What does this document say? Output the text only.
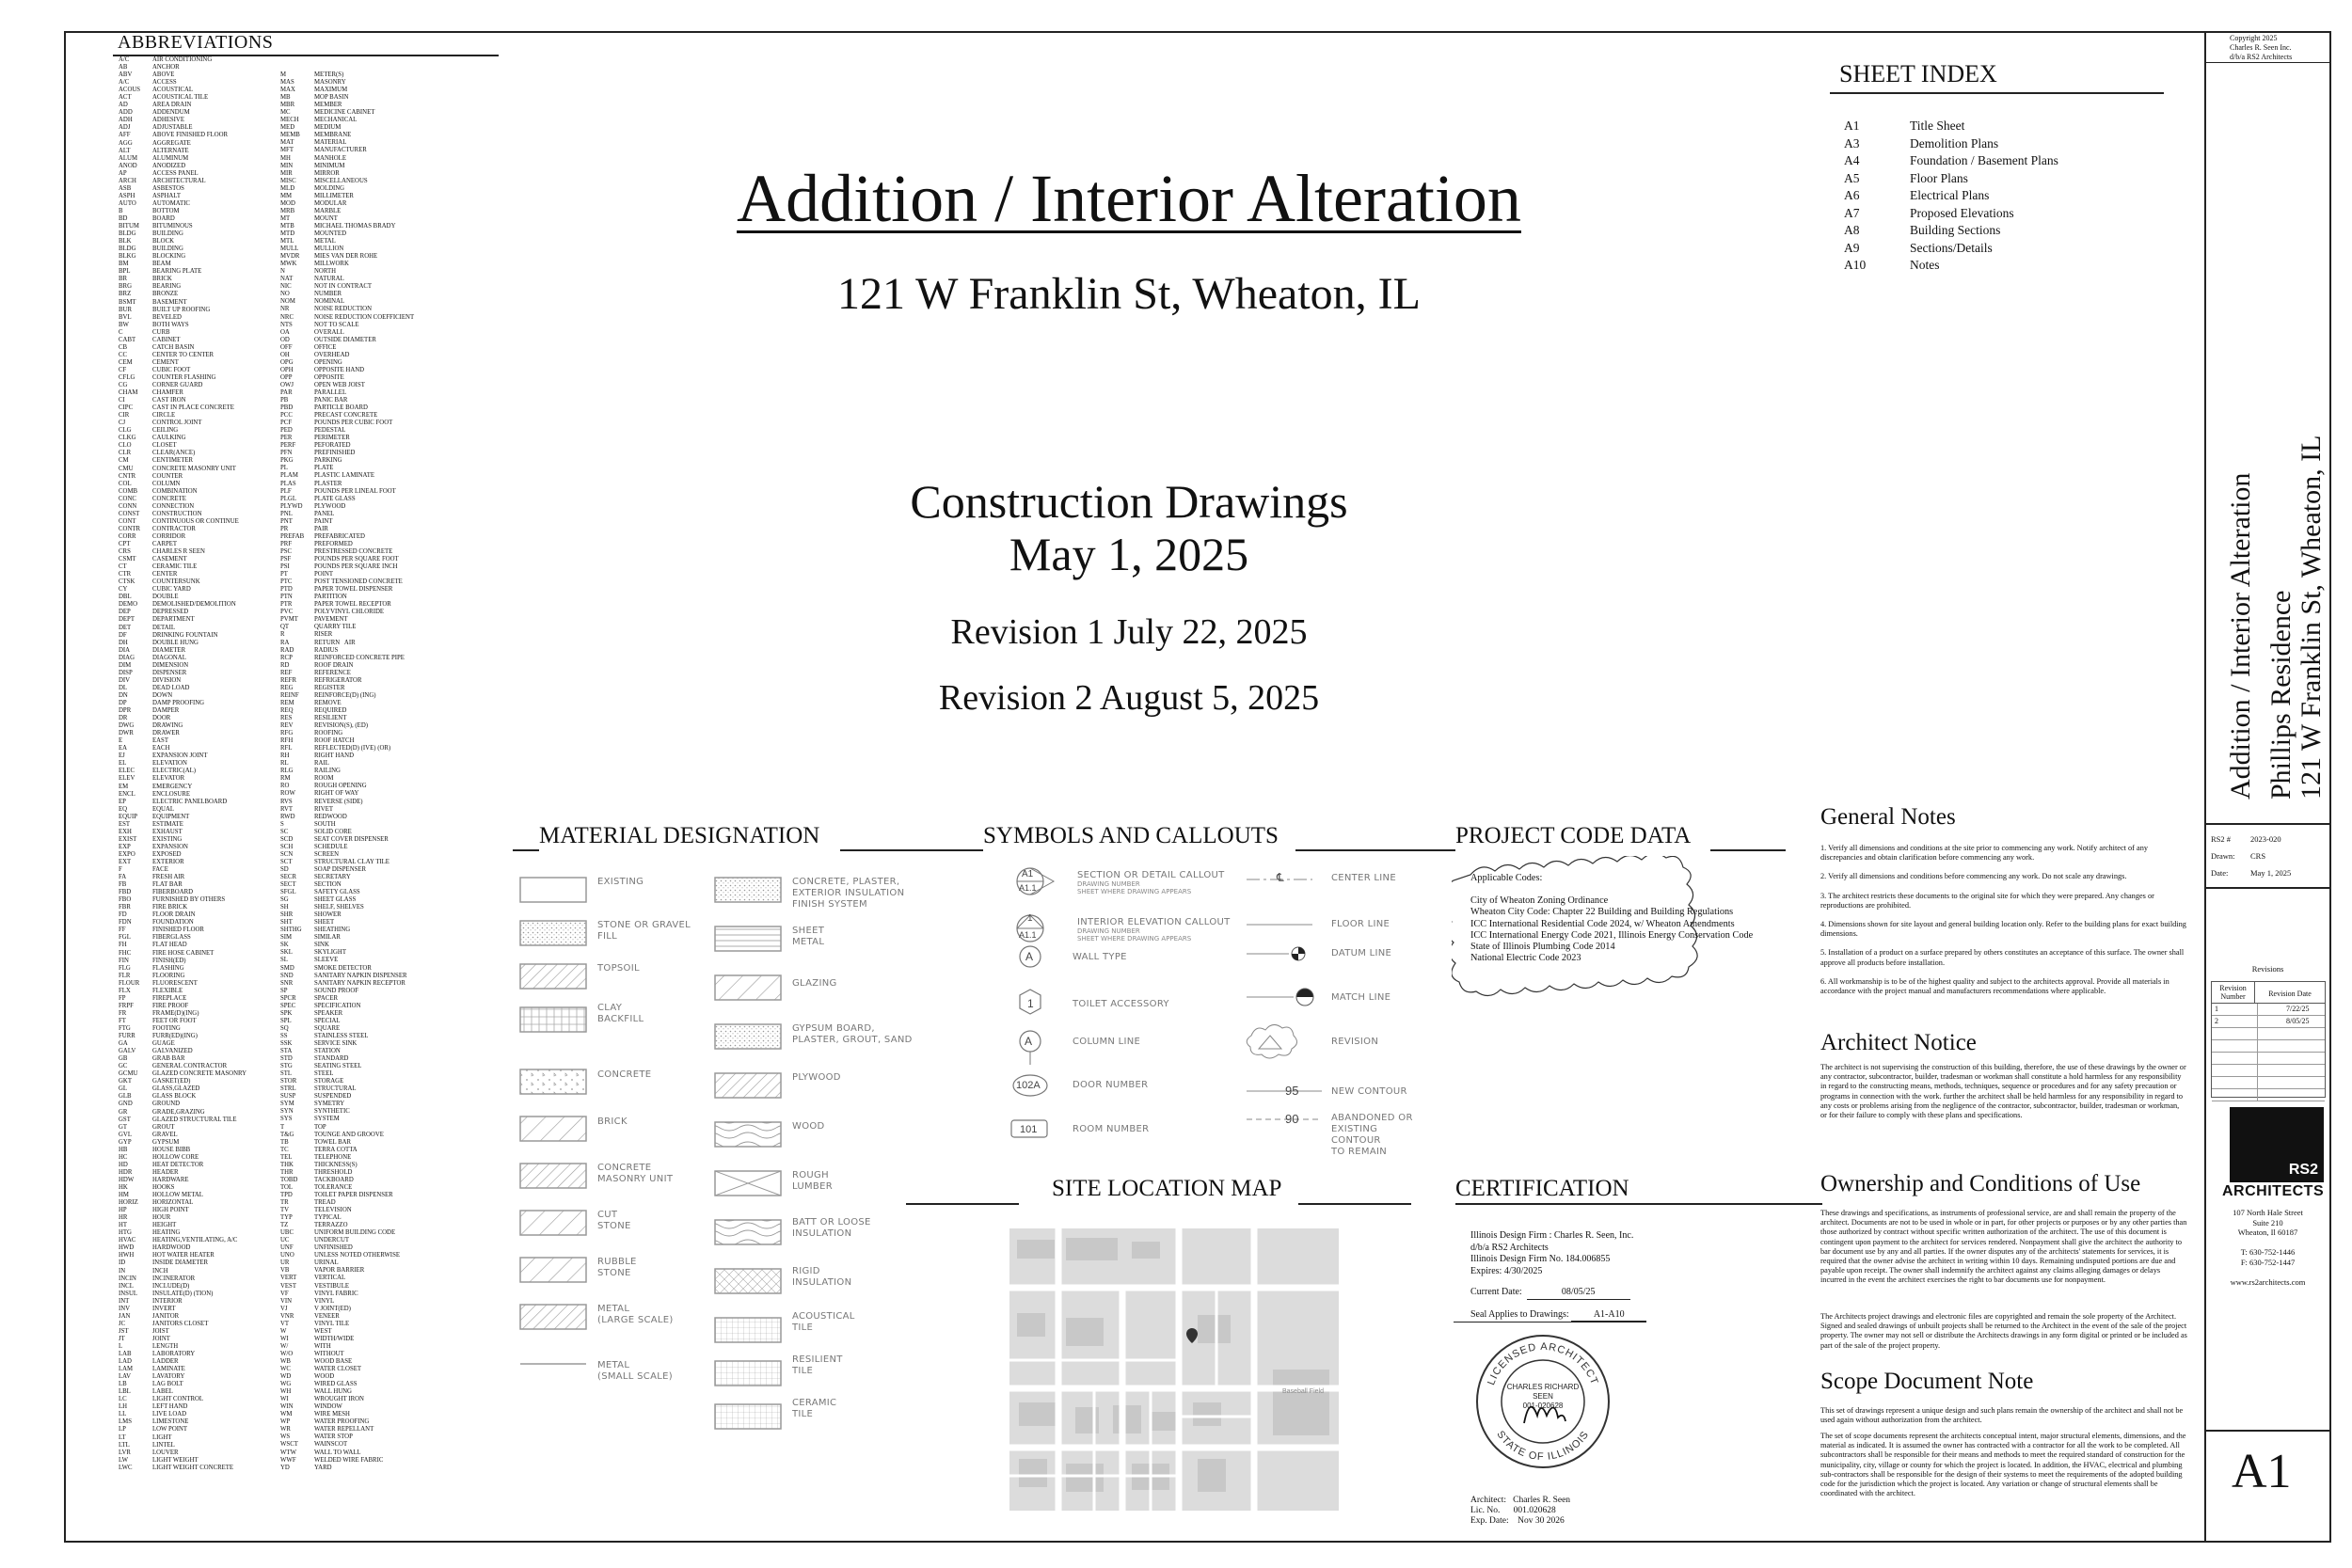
ABBREVIATIONS
A/C	AIR CONDITIONING
AB	ANCHOR
ABV	ABOVE
A/C	ACCESS
ACOUS	ACOUSTICAL
ACT	ACOUSTICAL TILE
AD	AREA DRAIN
ADD	ADDENDUM
ADH	ADHESIVE
ADJ	ADJUSTABLE
AFF	ABOVE FINISHED FLOOR
AGG	AGGREGATE
ALT	ALTERNATE
ALUM	ALUMINUM
ANOD	ANODIZED
AP	ACCESS PANEL
ARCH	ARCHITECTURAL
ASB	ASBESTOS
ASPH	ASPHALT
AUTO	AUTOMATIC
B	BOTTOM
BD	BOARD
BITUM	BITUMINOUS
BLDG	BUILDING
BLK	BLOCK
BLDG	BUILDING
BLKG	BLOCKING
BM	BEAM
BPL	BEARING PLATE
BR	BRICK
BRG	BEARING
BRZ	BRONZE
BSMT	BASEMENT
BUR	BUILT UP ROOFING
BVL	BEVELED
BW	BOTH WAYS
C	CURB
CABT	CABINET
CB	CATCH BASIN
CC	CENTER TO CENTER
CEM	CEMENT
CF	CUBIC FOOT
CFLG	COUNTER FLASHING
CG	CORNER GUARD
CHAM	CHAMFER
CI	CAST IRON
CIPC	CAST IN PLACE CONCRETE
CIR	CIRCLE
CJ	CONTROL JOINT
CLG	CEILING
CLKG	CAULKING
CLO	CLOSET
CLR	CLEAR(ANCE)
CM	CENTIMETER
CMU	CONCRETE MASONRY UNIT
CNTR	COUNTER
COL	COLUMN
COMB	COMBINATION
CONC	CONCRETE
CONN	CONNECTION
CONST	CONSTRUCTION
CONT	CONTINUOUS OR CONTINUE
CONTR	CONTRACTOR
CORR	CORRIDOR
CPT	CARPET
CRS	CHARLES R SEEN
CSMT	CASEMENT
CT	CERAMIC TILE
CTR	CENTER
CTSK	COUNTERSUNK
CY	CUBIC YARD
DBL	DOUBLE
DEMO	DEMOLISHED/DEMOLITION
DEP	DEPRESSED
DEPT	DEPARTMENT
DET	DETAIL
DF	DRINKING FOUNTAIN
DH	DOUBLE HUNG
DIA	DIAMETER
DIAG	DIAGONAL
DIM	DIMENSION
DISP	DISPENSER
DIV	DIVISION
DL	DEAD LOAD
DN	DOWN
DP	DAMP PROOFING
DPR	DAMPER
DR	DOOR
DWG	DRAWING
DWR	DRAWER
E	EAST
EA	EACH
EJ	EXPANSION JOINT
EL	ELEVATION
ELEC	ELECTRIC(AL)
ELEV	ELEVATOR
EM	EMERGENCY
ENCL	ENCLOSURE
EP	ELECTRIC PANELBOARD
EQ	EQUAL
EQUIP	EQUIPMENT
EST	ESTIMATE
EXH	EXHAUST
EXIST	EXISTING
EXP	EXPANSION
EXPO	EXPOSED
EXT	EXTERIOR
F	FACE
FA	FRESH AIR
FB	FLAT BAR
FBD	FIBERBOARD
FBO	FURNISHED BY OTHERS
FBR	FIRE BRICK
FD	FLOOR DRAIN
FDN	FOUNDATION
FF	FINISHED FLOOR
FGL	FIBERGLASS
FH	FLAT HEAD
FHC	FIRE HOSE CABINET
FIN	FINISH(ED)
FLG	FLASHING
FLR	FLOORING
FLOUR	FLUORESCENT
FLX	FLEXIBLE
FP	FIREPLACE
FRPF	FIRE PROOF
FR	FRAME(D)(ING)
FT	FEET OR FOOT
FTG	FOOTING
FURR	FURR(ED)(ING)
GA	GUAGE
GALV	GALVANIZED
GB	GRAB BAR
GC	GENERAL CONTRACTOR
GCMU	GLAZED CONCRETE MASONRY
GKT	GASKET(ED)
GL	GLASS,GLAZED
GLB	GLASS BLOCK
GND	GROUND
GR	GRADE,GRAZING
GST	GLAZED STRUCTURAL TILE
GT	GROUT
GVL	GRAVEL
GYP	GYPSUM
HB	HOUSE BIBB
HC	HOLLOW CORE
HD	HEAT DETECTOR
HDR	HEADER
HDW	HARDWARE
HK	HOOKS
HM	HOLLOW METAL
HORIZ	HORIZONTAL
HP	HIGH POINT
HR	HOUR
HT	HEIGHT
HTG	HEATING
HVAC	HEATING,VENTILATING, A/C
HWD	HARDWOOD
HWH	HOT WATER HEATER
ID	INSIDE DIAMETER
IN	INCH
INCIN	INCINERATOR
INCL	INCLUDE(D)
INSUL	INSULATE(D) (TION)
INT	INTERIOR
INV	INVERT
JAN	JANITOR
JC	JANITORS CLOSET
JST	JOIST
JT	JOINT
L	LENGTH
LAB	LABORATORY
LAD	LADDER
LAM	LAMINATE
LAV	LAVATORY
LB	LAG BOLT
LBL	LABEL
LC	LIGHT CONTROL
LH	LEFT HAND
LL	LIVE LOAD
LMS	LIMESTONE
LP	LOW POINT
LT	LIGHT
LTL	LINTEL
LVR	LOUVER
LW	LIGHT WEIGHT
LWC	LIGHT WEIGHT CONCRETE
M	METER(S)
MAS	MASONRY
MAX	MAXIMUM
MB	MOP BASIN
MBR	MEMBER
MC	MEDICINE CABINET
MECH	MECHANICAL
MED	MEDIUM
MEMB	MEMBRANE
MAT	MATERIAL
MFT	MANUFACTURER
MH	MANHOLE
MIN	MINIMUM
MIR	MIRROR
MISC	MISCELLANEOUS
MLD	MOLDING
MM	MILLIMETER
MOD	MODULAR
MRB	MARBLE
MT	MOUNT
MTB	MICHAEL THOMAS BRADY
MTD	MOUNTED
MTL	METAL
MULL	MULLION
MVDR	MIES VAN DER ROHE
MWK	MILLWORK
N	NORTH
NAT	NATURAL
NIC	NOT IN CONTRACT
NO	NUMBER
NOM	NOMINAL
NR	NOISE REDUCTION
NRC	NOISE REDUCTION COEFFICIENT
NTS	NOT TO SCALE
OA	OVERALL
OD	OUTSIDE DIAMETER
OFF	OFFICE
OH	OVERHEAD
OPG	OPENING
OPH	OPPOSITE HAND
OPP	OPPOSITE
OWJ	OPEN WEB JOIST
PAR	PARALLEL
PB	PANIC BAR
PBD	PARTICLE BOARD
PCC	PRECAST CONCRETE
PCF	POUNDS PER CUBIC FOOT
PED	PEDESTAL
PER	PERIMETER
PERF	PEFORATED
PFN	PREFINISHED
PKG	PARKING
PL	PLATE
PLAM	PLASTIC LAMINATE
PLAS	PLASTER
PLF	POUNDS PER LINEAL FOOT
PLGL	PLATE GLASS
PLYWD	PLYWOOD
PNL	PANEL
PNT	PAINT
PR	PAIR
PREFAB	PREFABRICATED
PRF	PREFORMED
PSC	PRESTRESSED CONCRETE
PSF	POUNDS PER SQUARE FOOT
PSI	POUNDS PER SQUARE INCH
PT	POINT
PTC	POST TENSIONED CONCRETE
PTD	PAPER TOWEL DISPENSER
PTN	PARTITION
PTR	PAPER TOWEL RECEPTOR
PVC	POLYVINYL CHLORIDE
PVMT	PAVEMENT
QT	QUARRY TILE
R	RISER
RA	RETURN   AIR
RAD	RADIUS
RCP	REINFORCED CONCRETE PIPE
RD	ROOF DRAIN
REF	REFERENCE
REFR	REFRIGERATOR
REG	REGISTER
REINF	REINFORCE(D) (ING)
REM	REMOVE
REQ	REQUIRED
RES	RESILIENT
REV	REVISION(S), (ED)
RFG	ROOFING
RFH	ROOF HATCH
RFL	REFLECTED(D) (IVE) (OR)
RH	RIGHT HAND
RL	RAIL
RLG	RAILING
RM	ROOM
RO	ROUGH OPENING
ROW	RIGHT OF WAY
RVS	REVERSE (SIDE)
RVT	RIVET
RWD	REDWOOD
S	SOUTH
SC	SOLID CORE
SCD	SEAT COVER DISPENSER
SCH	SCHEDULE
SCN	SCREEN
SCT	STRUCTURAL CLAY TILE
SD	SOAP DISPENSER
SECR	SECRETARY
SECT	SECTION
SFGL	SAFETY GLASS
SG	SHEET GLASS
SH	SHELF, SHELVES
SHR	SHOWER
SHT	SHEET
SHTHG	SHEATHING
SIM	SIMILAR
SK	SINK
SKL	SKYLIGHT
SL	SLEEVE
SMD	SMOKE DETECTOR
SND	SANITARY NAPKIN DISPENSER
SNR	SANITARY NAPKIN RECEPTOR
SP	SOUND PROOF
SPCR	SPACER
SPEC	SPECIFICATION
SPK	SPEAKER
SPL	SPECIAL
SQ	SQUARE
SS	STAINLESS STEEL
SSK	SERVICE SINK
STA	STATION
STD	STANDARD
STG	SEATING STEEL
STL	STEEL
STOR	STORAGE
STRL	STRUCTURAL
SUSP	SUSPENDED
SYM	SYMETRY
SYN	SYNTHETIC
SYS	SYSTEM
T	TOP
T&G	TOUNGE AND GROOVE
TB	TOWEL BAR
TC	TERRA COTTA
TEL	TELEPHONE
THK	THICKNESS(S)
THR	THRESHOLD
TOBD	TACKBOARD
TOL	TOLERANCE
TPD	TOILET PAPER DISPENSER
TR	TREAD
TV	TELEVISION
TYP	TYPICAL
TZ	TERRAZZO
UBC	UNIFORM BUILDING CODE
UC	UNDERCUT
UNF	UNFINISHED
UNO	UNLESS NOTED OTHERWISE
UR	URINAL
VB	VAPOR BARRIER
VERT	VERTICAL
VEST	VESTIBULE
VF	VINYL FABRIC
VIN	VINYL
VJ	V JOINT(ED)
VNR	VENEER
VT	VINYL TILE
W	WEST
WI	WIDTH/WIDE
W/	WITH
W/O	WITHOUT
WB	WOOD BASE
WC	WATER CLOSET
WD	WOOD
WG	WIRED GLASS
WH	WALL HUNG
WI	WROUGHT IRON
WIN	WINDOW
WM	WIRE MESH
WP	WATER PROOFING
WR	WATER REPELLANT
WS	WATER STOP
WSCT	WAINSCOT
WTW	WALL TO WALL
WWF	WELDED WIRE FABRIC
YD	YARD
Addition / Interior Alteration
121 W Franklin St, Wheaton, IL
Construction Drawings
May 1, 2025
Revision 1 July 22, 2025
Revision 2 August 5, 2025
SHEET INDEX
A1	Title Sheet
A3	Demolition Plans
A4	Foundation / Basement Plans
A5	Floor Plans
A6	Electrical Plans
A7	Proposed Elevations
A8	Building Sections
A9	Sections/Details
A10	Notes
MATERIAL DESIGNATION
EXISTING
STONE OR GRAVEL
FILL
TOPSOIL
CLAY
BACKFILL
CONCRETE
BRICK
CONCRETE
MASONRY UNIT
CUT
STONE
RUBBLE
STONE
METAL
(LARGE SCALE)
METAL
(SMALL SCALE)
CONCRETE, PLASTER,
EXTERIOR INSULATION
FINISH SYSTEM
SHEET
METAL
GLAZING
GYPSUM BOARD,
PLASTER, GROUT, SAND
PLYWOOD
WOOD
ROUGH
LUMBER
BATT OR LOOSE
INSULATION
RIGID
INSULATION
ACOUSTICAL
TILE
RESILIENT
TILE
CERAMIC
TILE
SYMBOLS AND CALLOUTS
SECTION OR DETAIL CALLOUT
DRAWING NUMBER
SHEET WHERE DRAWING APPEARS
INTERIOR ELEVATION CALLOUT
DRAWING NUMBER
SHEET WHERE DRAWING APPEARS
WALL TYPE
TOILET ACCESSORY
COLUMN LINE
DOOR NUMBER
ROOM NUMBER
CENTER LINE
FLOOR LINE
DATUM LINE
MATCH LINE
REVISION
NEW CONTOUR
ABANDONED OR
EXISTING
CONTOUR
TO REMAIN
A1
A1.1
1
A1.1
A
1
A
102A
101
℄
95
90
PROJECT CODE DATA
Applicable Codes:
City of Wheaton Zoning Ordinance
Wheaton City Code: Chapter 22 Building and Building Regulations
ICC International Residential Code 2024, w/ Wheaton Amendments
ICC International Energy Code 2021, Illinois Energy Conservation Code
State of Illinois Plumbing Code 2014
National Electric Code 2023
SITE LOCATION MAP
Baseball Field
CERTIFICATION
Illinois Design Firm : Charles R. Seen, Inc.
d/b/a RS2 Architects
Illinois Design Firm No. 184.006855
Expires: 4/30/2025
Current Date:	08/05/25
Seal Applies to Drawings:	A1-A10
LICENSED ARCHITECT
STATE OF ILLINOIS
CHARLES RICHARD
SEEN
001-020628
Architect:   Charles R. Seen
Lic. No.      001.020628
Exp. Date:    Nov 30 2026
General Notes
1. Verify all dimensions and conditions at the site prior to commencing any work. Notify architect of any discrepancies and obtain clarification before commencing any work.
2. Verify all dimensions and conditions before commencing any work. Do not scale any drawings.
3. The architect restricts these documents to the original site for which they were prepared. Any changes or reproductions are prohibited.
4. Dimensions shown for site layout and general building location only. Refer to the building plans for exact building dimensions.
5. Installation of a product on a surface prepared by others constitutes an acceptance of this surface. The owner shall approve all products before installation.
6. All workmanship is to be of the highest quality and subject to the architects approval. Provide all materials in accordance with the project manual and manufacturers recommendations where applicable.
Architect Notice
The architect is not supervising the construction of this building, therefore, the use of these drawings by the owner or any contractor, subcontractor, builder, tradesman or workman shall constitute a hold harmless for any responsibility in regard to the constructing means, methods, techniques, sequence or procedures and for any safety precaution or programs in connection with the work. further the architect shall be held harmless for any responsibility in regard to any costs or problems arising from the negligence of the contractor, subcontractor, builder, tradesman or workman, or for their failure to comply with these plans and specifications.
Ownership and Conditions of Use
These drawings and specifications, as instruments of professional service, are and shall remain the property of the architect. Documents are not to be used in whole or in part, for other projects or purposes or by any other parties than those authorized by contract without specific written authorization of the architect. The use of this document is contingent upon payment to the architect for services rendered. Nonpayment shall give the architect the authority to bar document use by any and all parties. If the owner disputes any of the architects' statements for services, it is required that the owner advise the architect in writing within 10 days. Remaining undisputed portions are due and payable upon receipt. The owner shall indemnify the architect against any claims alleging damages or delays incurred in the event the architect exercises the right to bar documents use for nonpayment.
The Architects project drawings and electronic files are copyrighted and remain the sole property of the Architect. Signed and sealed drawings of unbuilt projects shall be returned to the Architect in the event of the sale of the project property. The owner may not sell or distribute the Architects drawings in any form digital or printed or be included as part of the sale of the project property.
Scope Document Note
This set of drawings represent a unique design and such plans remain the ownership of the architect and shall not be used again without authorization from the architect.
The set of scope documents represent the architects conceptual intent, major structural elements, dimensions, and the material as indicated. It is assumed the owner has contracted with a contractor for all the work to be completed. All subcontractors shall be responsible for their means and methods to meet the required standard of construction for the municipality, city, village or county for which the project is located. In addition, the HVAC, electrical and plumbing sub-contractors shall be responsible for the design of their systems to meet the requirements of the adopted building code for the jurisdiction which the project is located. Any variation or change of structural elements shall be coordinated with the architect.
Copyright 2025
Charles R. Seen Inc.
d/b/a RS2 Architects
Addition / Interior Alteration Phillips Residence 121 W Franklin St, Wheaton, IL
RS2 # 2023-020
Drawn: CRS
Date:	May 1, 2025
Revisions
Revision Number	Revision Date
1	7/22/25
2	8/05/25
RS2
ARCHITECTS
107 North Hale Street
Suite 210
Wheaton, Il 60187

T: 630-752-1446
F: 630-752-1447

www.rs2architects.com
A1
